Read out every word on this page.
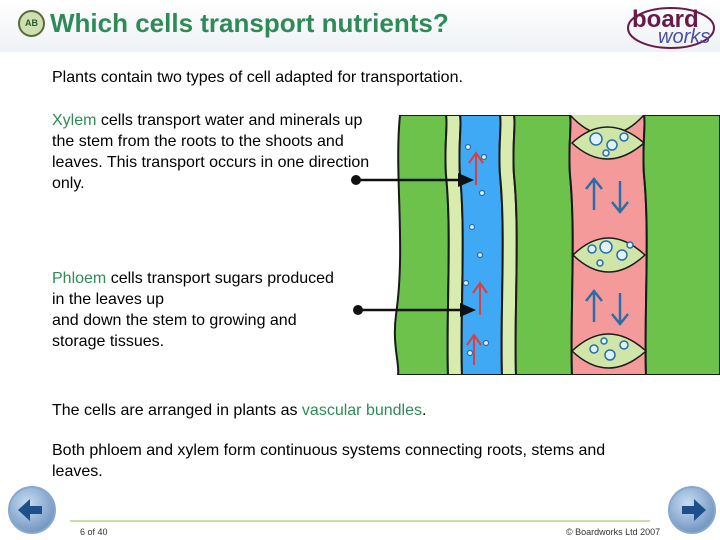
AB Which cells transport nutrients?	board
works

Plants contain two types of cell adapted for transportation.

Xylem cells transport water and minerals up the stem from the roots to the shoots and leaves. This transport occurs in one direction only.

Phloem cells transport sugars produced
in the leaves up
and down the stem to growing and
storage tissues.

The cells are arranged in plants as vascular bundles.

Both phloem and xylem form continuous systems connecting roots, stems and leaves.

6 of 40	© Boardworks Ltd 2007
